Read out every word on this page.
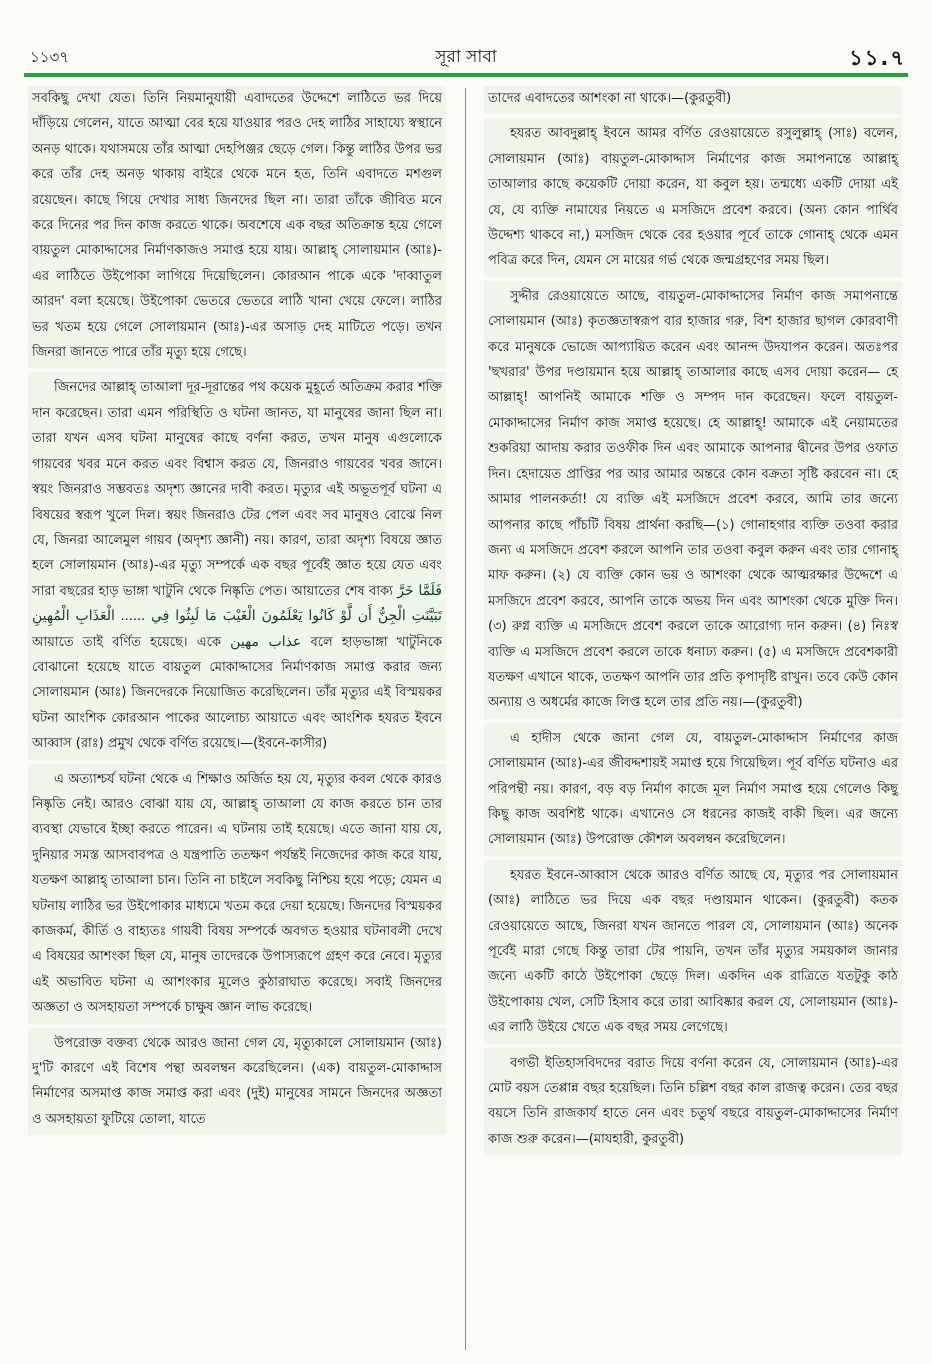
১১৩৭	সূরা সাবা	১১.৭

সবকিছু দেখা যেত। তিনি নিয়মানুযায়ী এবাদতের উদ্দেশে লাঠিতে ভর দিয়ে দাঁড়িয়ে গেলেন, যাতে আত্মা বের হয়ে যাওয়ার পরও দেহ লাঠির সাহায্যে স্বস্থানে অনড় থাকে। যথাসময়ে তাঁর আত্মা দেহপিঞ্জর ছেড়ে গেল। কিন্তু লাঠির উপর ভর করে তাঁর দেহ অনড় থাকায় বাইরে থেকে মনে হত, তিনি এবাদতে মশগুল রয়েছেন। কাছে গিয়ে দেখার সাধ্য জিনদের ছিল না। তারা তাঁকে জীবিত মনে করে দিনের পর দিন কাজ করতে থাকে। অবশেষে এক বছর অতিক্রান্ত হয়ে গেলে বায়তুল মোকাদ্দাসের নির্মাণকাজও সমাপ্ত হয়ে যায়। আল্লাহ্ সোলায়মান (আঃ)-এর লাঠিতে উইপোকা লাগিয়ে দিয়েছিলেন। কোরআন পাকে একে 'দাব্বাতুল আরদ' বলা হয়েছে। উইপোকা ভেতরে ভেতরে লাঠি খানা খেয়ে ফেলে। লাঠির ভর খতম হয়ে গেলে সোলায়মান (আঃ)-এর অসাড় দেহ মাটিতে পড়ে। তখন জিনরা জানতে পারে তাঁর মৃত্যু হয়ে গেছে।

জিনদের আল্লাহ্ তাআলা দূর-দূরান্তের পথ কয়েক মুহূর্তে অতিক্রম করার শক্তি দান করেছেন। তারা এমন পরিস্থিতি ও ঘটনা জানত, যা মানুষের জানা ছিল না। তারা যখন এসব ঘটনা মানুষের কাছে বর্ণনা করত, তখন মানুষ এগুলোকে গায়বের খবর মনে করত এবং বিশ্বাস করত যে, জিনরাও গায়বের খবর জানে। স্বয়ং জিনরাও সম্ভবতঃ অদৃশ্য জ্ঞানের দাবী করত। মৃত্যুর এই অভূতপূর্ব ঘটনা এ বিষয়ের স্বরূপ খুলে দিল। স্বয়ং জিনরাও টের পেল এবং সব মানুষও বোঝে নিল যে, জিনরা আলেমুল গায়ব (অদৃশ্য জ্ঞানী) নয়। কারণ, তারা অদৃশ্য বিষয়ে জ্ঞাত হলে সোলায়মান (আঃ)-এর মৃত্যু সম্পর্কে এক বছর পূর্বেই জ্ঞাত হয়ে যেত এবং সারা বছরের হাড় ভাঙ্গা খাটুনি থেকে নিষ্কৃতি পেত। আয়াতের শেষ বাক্য فَلَمَّا خَرَّ تَبَيَّنَتِ الْجِنُّ أَن لَّوْ كَانُوا يَعْلَمُونَ الْغَيْبَ مَا لَبِثُوا فِي ...... الْعَذَابِ الْمُهِينِ আয়াতে তাই বর্ণিত হয়েছে। একে عذاب مهين বলে হাড়ভাঙ্গা খাটুনিকে বোঝানো হয়েছে যাতে বায়তুল মোকাদ্দাসের নির্মাণকাজ সমাপ্ত করার জন্য সোলায়মান (আঃ) জিনদেরকে নিয়োজিত করেছিলেন। তাঁর মৃত্যুর এই বিস্ময়কর ঘটনা আংশিক কোরআন পাকের আলোচ্য আয়াতে এবং আংশিক হযরত ইবনে আব্বাস (রাঃ) প্রমুখ থেকে বর্ণিত রয়েছে।—(ইবনে-কাসীর)

এ অত্যাশ্চর্য ঘটনা থেকে এ শিক্ষাও অর্জিত হয় যে, মৃত্যুর কবল থেকে কারও নিষ্কৃতি নেই। আরও বোঝা যায় যে, আল্লাহ্ তাআলা যে কাজ করতে চান তার ব্যবস্থা যেভাবে ইচ্ছা করতে পারেন। এ ঘটনায় তাই হয়েছে। এতে জানা যায় যে, দুনিয়ার সমস্ত আসবাবপত্র ও যন্ত্রপাতি ততক্ষণ পর্যন্তই নিজেদের কাজ করে যায়, যতক্ষণ আল্লাহ্ তাআলা চান। তিনি না চাইলে সবকিছু নিশ্চিয় হয়ে পড়ে; যেমন এ ঘটনায় লাঠির ভর উইপোকার মাধ্যমে খতম করে দেয়া হয়েছে। জিনদের বিস্ময়কর কাজকর্ম, কীর্তি ও বাহ্যতঃ গায়বী বিষয় সম্পর্কে অবগত হওয়ার ঘটনাবলী দেখে এ বিষয়ের আশংকা ছিল যে, মানুষ তাদেরকে উপাস্যরূপে গ্রহণ করে নেবে। মৃত্যুর এই অভাবিত ঘটনা এ আশংকার মূলেও কুঠারাঘাত করেছে। সবাই জিনদের অজ্ঞতা ও অসহায়তা সম্পর্কে চাক্ষুষ জ্ঞান লাভ করেছে।

উপরোক্ত বক্তব্য থেকে আরও জানা গেল যে, মৃত্যুকালে সোলায়মান (আঃ) দু'টি কারণে এই বিশেষ পন্থা অবলম্বন করেছিলেন। (এক) বায়তুল-মোকাদ্দাস নির্মাণের অসমাপ্ত কাজ সমাপ্ত করা এবং (দুই) মানুষের সামনে জিনদের অজ্ঞতা ও অসহায়তা ফুটিয়ে তোলা, যাতে

তাদের এবাদতের আশংকা না থাকে।—(কুরতুবী)

হযরত আবদুল্লাহ্ ইবনে আমর বর্ণিত রেওয়ায়েতে রসুলুল্লাহ্ (সাঃ) বলেন, সোলায়মান (আঃ) বায়তুল-মোকাদ্দাস নির্মাণের কাজ সমাপনান্তে আল্লাহ্ তাআলার কাছে কয়েকটি দোয়া করেন, যা কবুল হয়। তন্মধ্যে একটি দোয়া এই যে, যে ব্যক্তি নামাযের নিয়তে এ মসজিদে প্রবেশ করবে। (অন্য কোন পার্থিব উদ্দেশ্য থাকবে না,) মসজিদ থেকে বের হওয়ার পূর্বে তাকে গোনাহ্ থেকে এমন পবিত্র করে দিন, যেমন সে মায়ের গর্ভ থেকে জন্মগ্রহণের সময় ছিল।

সুদ্দীর রেওয়ায়েতে আছে, বায়তুল-মোকাদ্দাসের নির্মাণ কাজ সমাপনান্তে সোলায়মান (আঃ) কৃতজ্ঞতাস্বরূপ বার হাজার গরু, বিশ হাজার ছাগল কোরবাণী করে মানুষকে ভোজে আপ্যায়িত করেন এবং আনন্দ উদযাপন করেন। অতঃপর 'ছখরার' উপর দণ্ডায়মান হয়ে আল্লাহ্ তাআলার কাছে এসব দোয়া করেন— হে আল্লাহ্! আপনিই আমাকে শক্তি ও সম্পদ দান করেছেন। ফলে বায়তুল-মোকাদ্দাসের নির্মাণ কাজ সমাপ্ত হয়েছে। হে আল্লাহ্! আমাকে এই নেয়ামতের শুকরিয়া আদায় করার তওফীক দিন এবং আমাকে আপনার দ্বীনের উপর ওফাত দিন। হেদায়েত প্রাপ্তির পর আর আমার অন্তরে কোন বক্রতা সৃষ্টি করবেন না। হে আমার পালনকর্তা! যে ব্যক্তি এই মসজিদে প্রবেশ করবে, আমি তার জন্যে আপনার কাছে পাঁচটি বিষয় প্রার্থনা করছি—(১) গোনাহগার ব্যক্তি তওবা করার জন্য এ মসজিদে প্রবেশ করলে আপনি তার তওবা কবুল করুন এবং তার গোনাহ্ মাফ করুন। (২) যে ব্যক্তি কোন ভয় ও আশংকা থেকে আত্মরক্ষার উদ্দেশে এ মসজিদে প্রবেশ করবে, আপনি তাকে অভয় দিন এবং আশংকা থেকে মুক্তি দিন। (৩) রুগ্ন ব্যক্তি এ মসজিদে প্রবেশ করলে তাকে আরোগ্য দান করুন। (৪) নিঃস্ব ব্যক্তি এ মসজিদে প্রবেশ করলে তাকে ধনাঢ্য করুন। (৫) এ মসজিদে প্রবেশকারী যতক্ষণ এখানে থাকে, ততক্ষণ আপনি তার প্রতি কৃপাদৃষ্টি রাখুন। তবে কেউ কোন অন্যায় ও অধর্মের কাজে লিপ্ত হলে তার প্রতি নয়।—(কুরতুবী)

এ হাদীস থেকে জানা গেল যে, বায়তুল-মোকাদ্দাস নির্মাণের কাজ সোলায়মান (আঃ)-এর জীবদ্দশায়ই সমাপ্ত হয়ে গিয়েছিল। পূর্ব বর্ণিত ঘটনাও এর পরিপন্থী নয়। কারণ, বড় বড় নির্মাণ কাজে মূল নির্মাণ সমাপ্ত হয়ে গেলেও কিছু কিছু কাজ অবশিষ্ট থাকে। এখানেও সে ধরনের কাজই বাকী ছিল। এর জন্যে সোলায়মান (আঃ) উপরোক্ত কৌশল অবলম্বন করেছিলেন।

হযরত ইবনে-আব্বাস থেকে আরও বর্ণিত আছে যে, মৃত্যুর পর সোলায়মান (আঃ) লাঠিতে ভর দিয়ে এক বছর দণ্ডায়মান থাকেন। (কুরতুবী) কতক রেওয়ায়েতে আছে, জিনরা যখন জানতে পারল যে, সোলায়মান (আঃ) অনেক পূর্বেই মারা গেছে কিন্তু তারা টের পায়নি, তখন তাঁর মৃত্যুর সময়কাল জানার জন্যে একটি কাঠে উইপোকা ছেড়ে দিল। একদিন এক রাত্রিতে যতটুকু কাঠ উইপোকায় খেল, সেটি হিসাব করে তারা আবিষ্কার করল যে, সোলায়মান (আঃ)-এর লাঠি উইয়ে খেতে এক বছর সময় লেগেছে।

বগভী ইতিহাসবিদদের বরাত দিয়ে বর্ণনা করেন যে, সোলায়মান (আঃ)-এর মোট বয়স তেপ্পান্ন বছর হয়েছিল। তিনি চল্লিশ বছর কাল রাজত্ব করেন। তের বছর বয়সে তিনি রাজকার্য হাতে নেন এবং চতুর্থ বছরে বায়তুল-মোকাদ্দাসের নির্মাণ কাজ শুরু করেন।—(মাযহারী, কুরতুবী)
